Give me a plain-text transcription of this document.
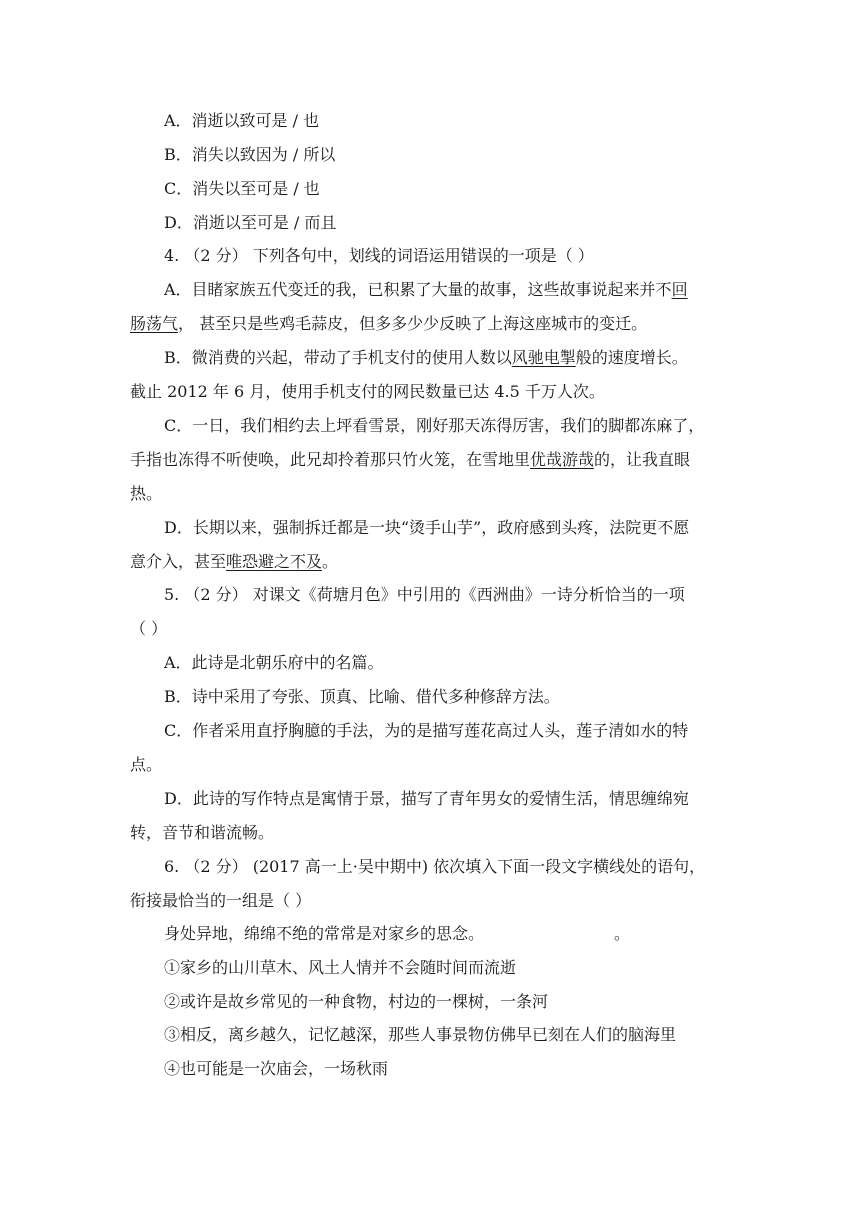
A．消逝以致可是 / 也
B．消失以致因为 / 所以
C．消失以至可是 / 也
D．消逝以至可是 / 而且
4. （2 分） 下列各句中，划线的词语运用错误的一项是（ ）
A．目睹家族五代变迁的我，已积累了大量的故事，这些故事说起来并不回
肠荡气， 甚至只是些鸡毛蒜皮，但多多少少反映了上海这座城市的变迁。
B．微消费的兴起，带动了手机支付的使用人数以风驰电掣般的速度增长。
截止 2012 年 6 月，使用手机支付的网民数量已达 4.5 千万人次。
C．一日，我们相约去上坪看雪景，刚好那天冻得厉害，我们的脚都冻麻了，
手指也冻得不听使唤，此兄却拎着那只竹火笼，在雪地里优哉游哉的，让我直眼
热。
D．长期以来，强制拆迁都是一块“烫手山芋”，政府感到头疼，法院更不愿
意介入，甚至唯恐避之不及。
5. （2 分） 对课文《荷塘月色》中引用的《西洲曲》一诗分析恰当的一项
（ ）
A．此诗是北朝乐府中的名篇。
B．诗中采用了夸张、顶真、比喻、借代多种修辞方法。
C．作者采用直抒胸臆的手法，为的是描写莲花高过人头，莲子清如水的特
点。
D．此诗的写作特点是寓情于景，描写了青年男女的爱情生活，情思缠绵宛
转，音节和谐流畅。
6. （2 分） (2017 高一上·吴中期中) 依次填入下面一段文字横线处的语句，
衔接最恰当的一组是（ ）
身处异地，绵绵不绝的常常是对家乡的思念。	。
①家乡的山川草木、风土人情并不会随时间而流逝
②或许是故乡常见的一种食物，村边的一棵树，一条河
③相反，离乡越久，记忆越深，那些人事景物仿佛早已刻在人们的脑海里
④也可能是一次庙会，一场秋雨
